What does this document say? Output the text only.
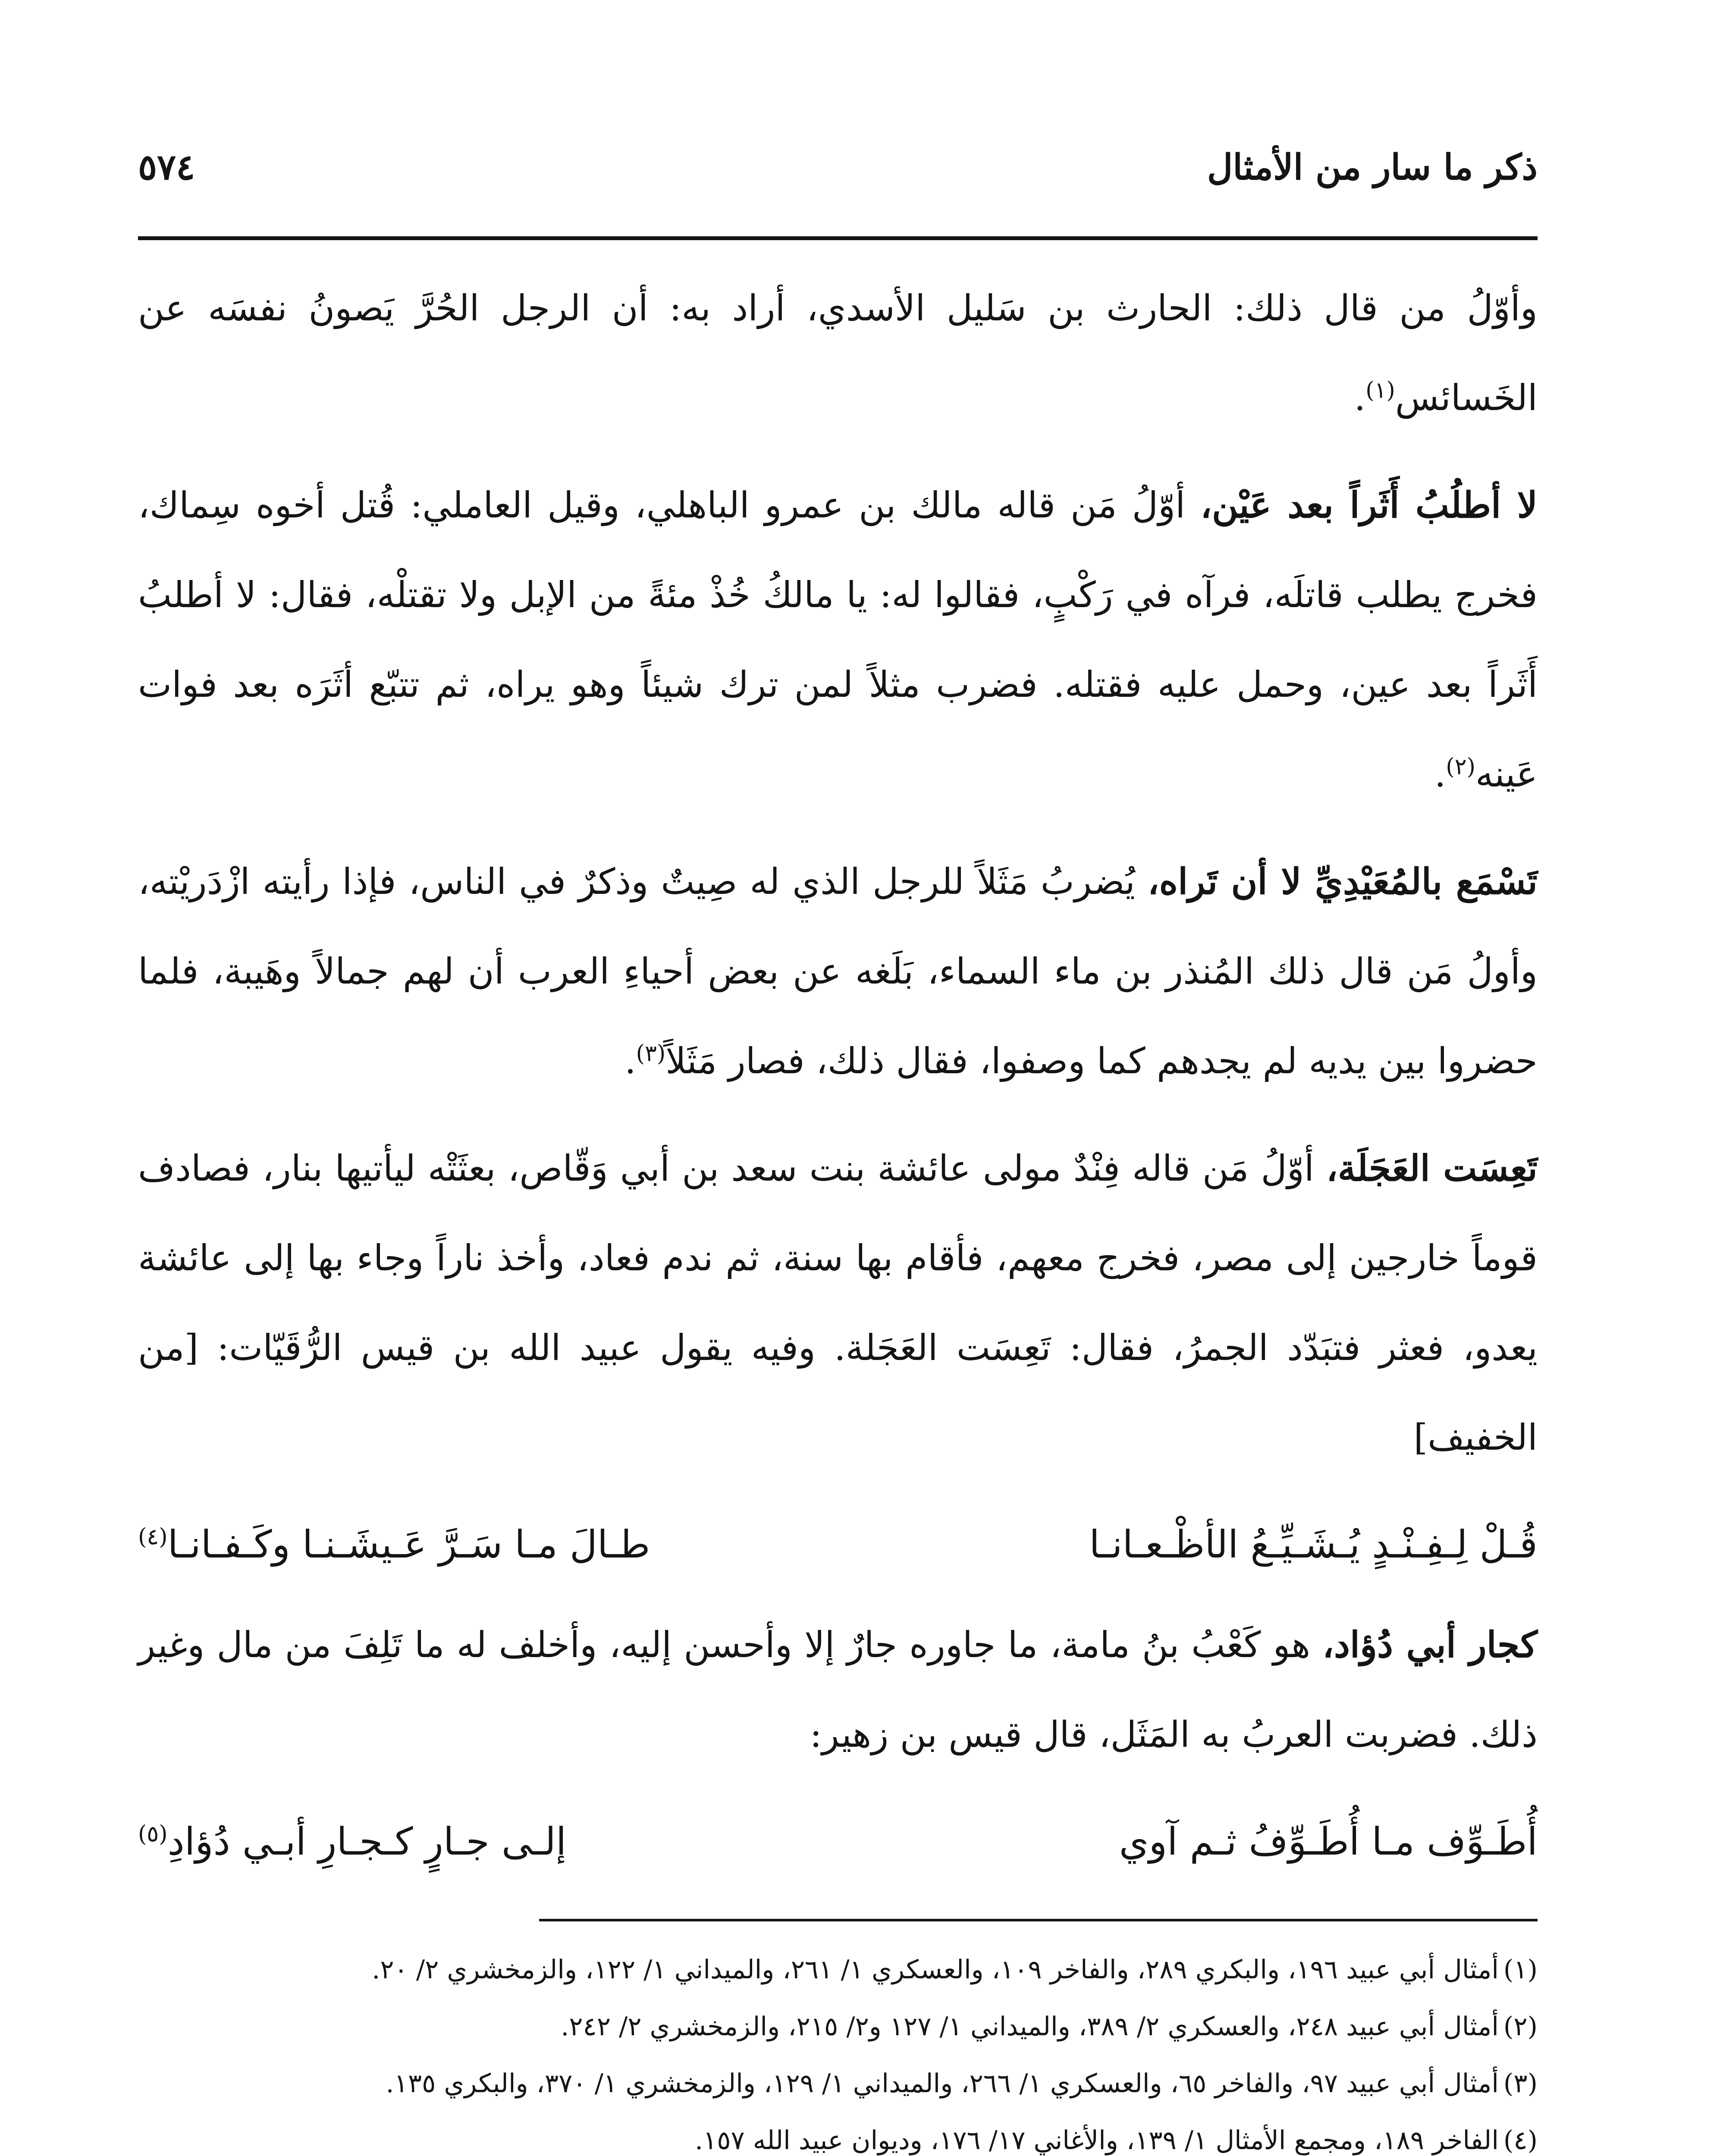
ذكر ما سار من الأمثال
٥٧٤

وأوّلُ من قال ذلك: الحارث بن سَليل الأسدي، أراد به: أن الرجل الحُرَّ يَصونُ نفسَه عن الخَسائس$^{(١)}$.

لا أطلُبُ أَثَراً بعد عَيْن، أوّلُ مَن قاله مالك بن عمرو الباهلي، وقيل العاملي: قُتل أخوه سِماك، فخرج يطلب قاتلَه، فرآه في رَكْبٍ، فقالوا له: يا مالكُ خُذْ مئةً من الإبل ولا تقتلْه، فقال: لا أطلبُ أَثَراً بعد عين، وحمل عليه فقتله. فضرب مثلاً لمن ترك شيئاً وهو يراه، ثم تتبّع أثَرَه بعد فوات عَينه$^{(٢)}$.

تَسْمَع بالمُعَيْدِيِّ لا أن تَراه، يُضربُ مَثَلاً للرجل الذي له صِيتٌ وذكرٌ في الناس، فإذا رأيته ازْدَريْته، وأولُ مَن قال ذلك المُنذر بن ماء السماء، بَلَغه عن بعض أحياءِ العرب أن لهم جمالاً وهَيبة، فلما حضروا بين يديه لم يجدهم كما وصفوا، فقال ذلك، فصار مَثَلاً$^{(٣)}$.

تَعِسَت العَجَلَة، أوّلُ مَن قاله فِنْدٌ مولى عائشة بنت سعد بن أبي وَقّاص، بعثَتْه ليأتيها بنار، فصادف قوماً خارجين إلى مصر، فخرج معهم، فأقام بها سنة، ثم ندم فعاد، وأخذ ناراً وجاء بها إلى عائشة يعدو، فعثر فتبَدّد الجمرُ، فقال: تَعِسَت العَجَلة. وفيه يقول عبيد الله بن قيس الرُّقَيّات: [من الخفيف]

قُـلْ لِـفِـنْـدٍ يُـشَـيِّـعُ الأظْـعـانـا
طـالَ مـا سَـرَّ عَـيشَـنـا وكَـفـانـا$^{(٤)}$

كجار أبي دُؤاد، هو كَعْبُ بنُ مامة، ما جاوره جارٌ إلا وأحسن إليه، وأخلف له ما تَلِفَ من مال وغير ذلك. فضربت العربُ به المَثَل، قال قيس بن زهير:

أُطَـوِّف مـا أُطَـوِّفُ ثـم آوي
إلـى جـارٍ كـجـارِ أبـي دُؤادِ$^{(٥)}$
(١)
أمثال أبي عبيد ١٩٦، والبكري ٢٨٩، والفاخر ١٠٩، والعسكري ١/ ٢٦١، والميداني ١/ ١٢٢، والزمخشري ٢/ ٢٠.
(٢)
أمثال أبي عبيد ٢٤٨، والعسكري ٢/ ٣٨٩، والميداني ١/ ١٢٧ و٢/ ٢١٥، والزمخشري ٢/ ٢٤٢.
(٣)
أمثال أبي عبيد ٩٧، والفاخر ٦٥، والعسكري ١/ ٢٦٦، والميداني ١/ ١٢٩، والزمخشري ١/ ٣٧٠، والبكري ١٣٥.
(٤)
الفاخر ١٨٩، ومجمع الأمثال ١/ ١٣٩، والأغاني ١٧/ ١٧٦، وديوان عبيد الله ١٥٧.
